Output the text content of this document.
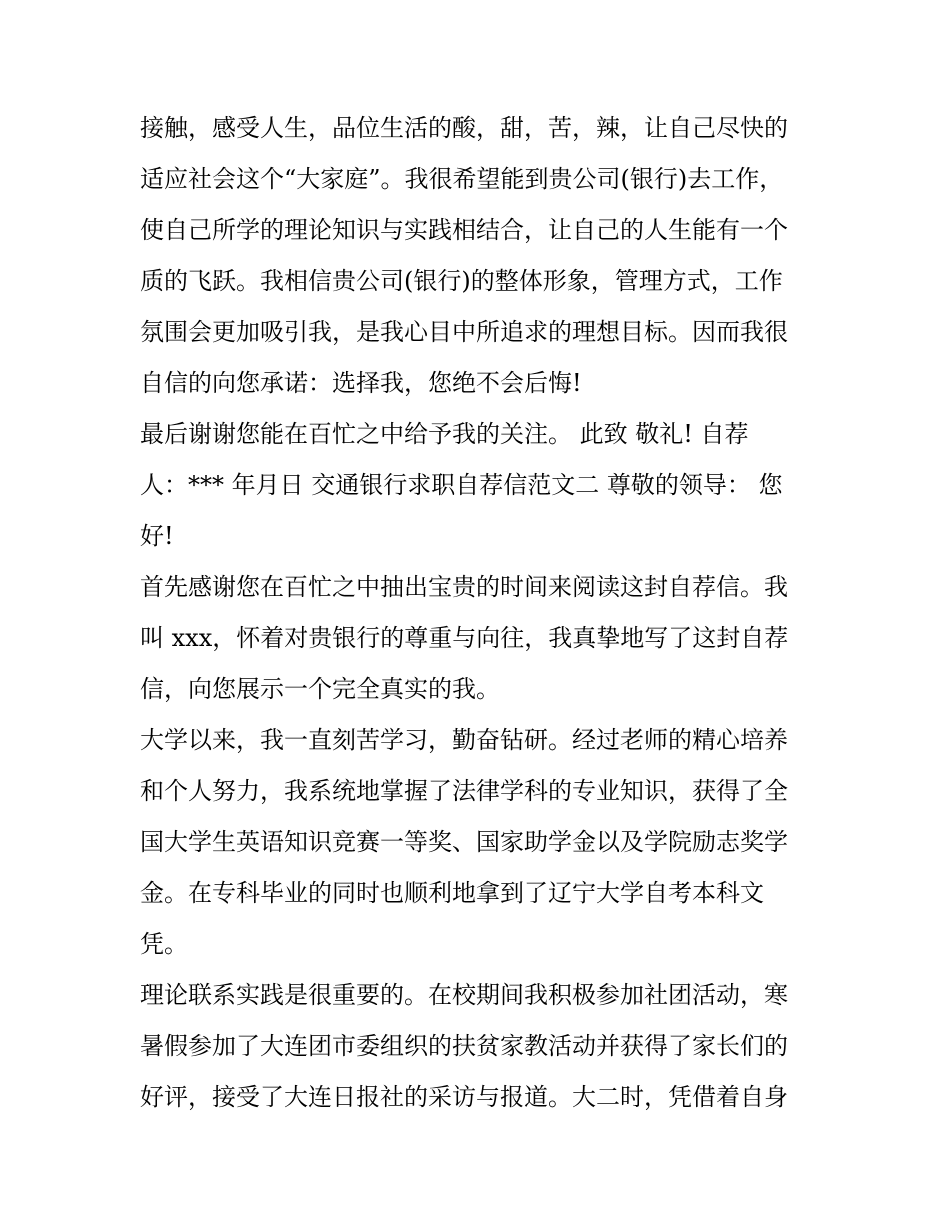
接触，感受人生，品位生活的酸，甜，苦，辣，让自己尽快的
适应社会这个“大家庭”。我很希望能到贵公司(银行)去工作，
使自己所学的理论知识与实践相结合，让自己的人生能有一个
质的飞跃。我相信贵公司(银行)的整体形象，管理方式，工作
氛围会更加吸引我，是我心目中所追求的理想目标。因而我很
自信的向您承诺：选择我，您绝不会后悔!
最后谢谢您能在百忙之中给予我的关注。 此致 敬礼! 自荐
人：*** 年月日 交通银行求职自荐信范文二 尊敬的领导： 您
好!
首先感谢您在百忙之中抽出宝贵的时间来阅读这封自荐信。我
叫 xxx，怀着对贵银行的尊重与向往，我真挚地写了这封自荐
信，向您展示一个完全真实的我。
大学以来，我一直刻苦学习，勤奋钻研。经过老师的精心培养
和个人努力，我系统地掌握了法律学科的专业知识，获得了全
国大学生英语知识竞赛一等奖、国家助学金以及学院励志奖学
金。在专科毕业的同时也顺利地拿到了辽宁大学自考本科文
凭。
理论联系实践是很重要的。在校期间我积极参加社团活动，寒
暑假参加了大连团市委组织的扶贫家教活动并获得了家长们的
好评，接受了大连日报社的采访与报道。大二时，凭借着自身
